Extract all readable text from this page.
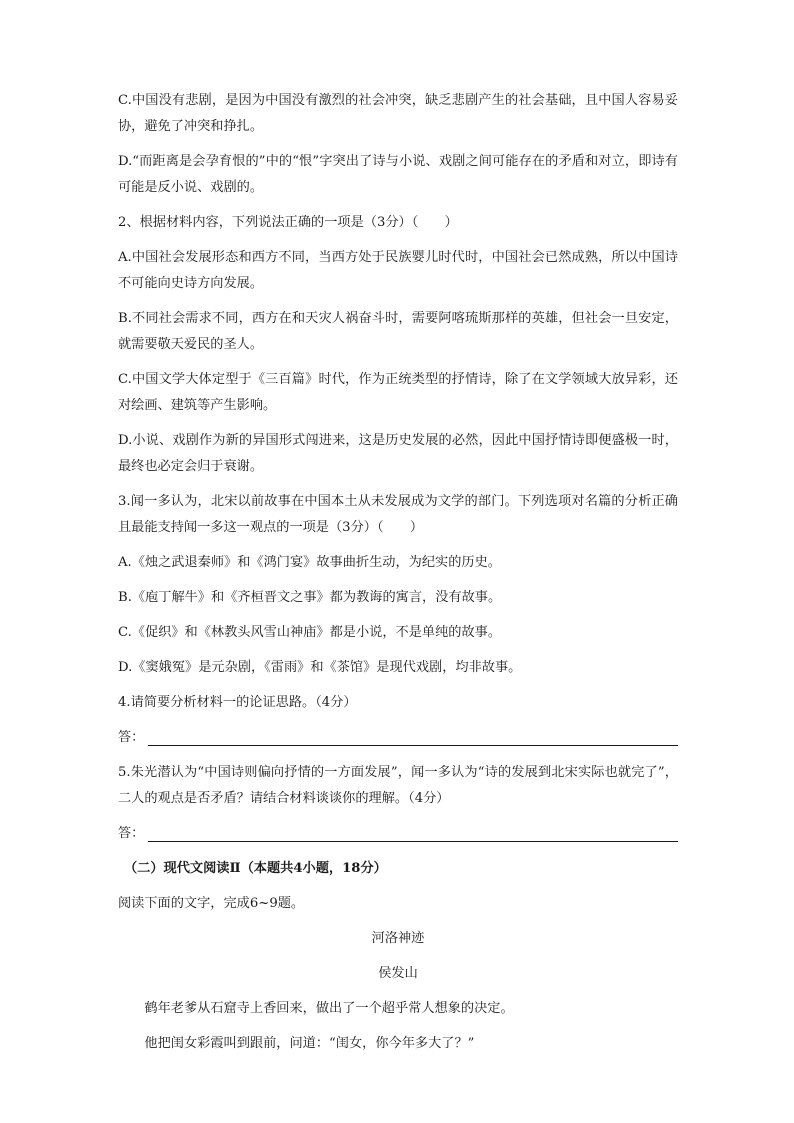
C.中国没有悲剧，是因为中国没有激烈的社会冲突，缺乏悲剧产生的社会基础，且中国人容易妥协，避免了冲突和挣扎。

D.“而距离是会孕育恨的”中的“恨”字突出了诗与小说、戏剧之间可能存在的矛盾和对立，即诗有可能是反小说、戏剧的。

2、根据材料内容，下列说法正确的一项是（3分）（　　）

A.中国社会发展形态和西方不同，当西方处于民族婴儿时代时，中国社会已然成熟，所以中国诗不可能向史诗方向发展。

B.不同社会需求不同，西方在和天灾人祸奋斗时，需要阿喀琉斯那样的英雄，但社会一旦安定，就需要敬天爱民的圣人。

C.中国文学大体定型于《三百篇》时代，作为正统类型的抒情诗，除了在文学领域大放异彩，还对绘画、建筑等产生影响。

D.小说、戏剧作为新的异国形式闯进来，这是历史发展的必然，因此中国抒情诗即便盛极一时，最终也必定会归于衰谢。

3.闻一多认为，北宋以前故事在中国本土从未发展成为文学的部门。下列选项对名篇的分析正确且最能支持闻一多这一观点的一项是（3分）（　　）

A.《烛之武退秦师》和《鸿门宴》故事曲折生动，为纪实的历史。

B.《庖丁解牛》和《齐桓晋文之事》都为教诲的寓言，没有故事。

C.《促织》和《林教头风雪山神庙》都是小说，不是单纯的故事。

D.《窦娥冤》是元杂剧，《雷雨》和《茶馆》是现代戏剧，均非故事。

4.请简要分析材料一的论证思路。（4分）

答：

5.朱光潜认为“中国诗则偏向抒情的一方面发展”，闻一多认为“诗的发展到北宋实际也就完了”，二人的观点是否矛盾？请结合材料谈谈你的理解。（4分）

答：

（二）现代文阅读Ⅱ（本题共4小题，18分）

阅读下面的文字，完成6~9题。

河洛神迹

侯发山

鹤年老爹从石窟寺上香回来，做出了一个超乎常人想象的决定。

他把闺女彩霞叫到跟前，问道：“闺女，你今年多大了？”
